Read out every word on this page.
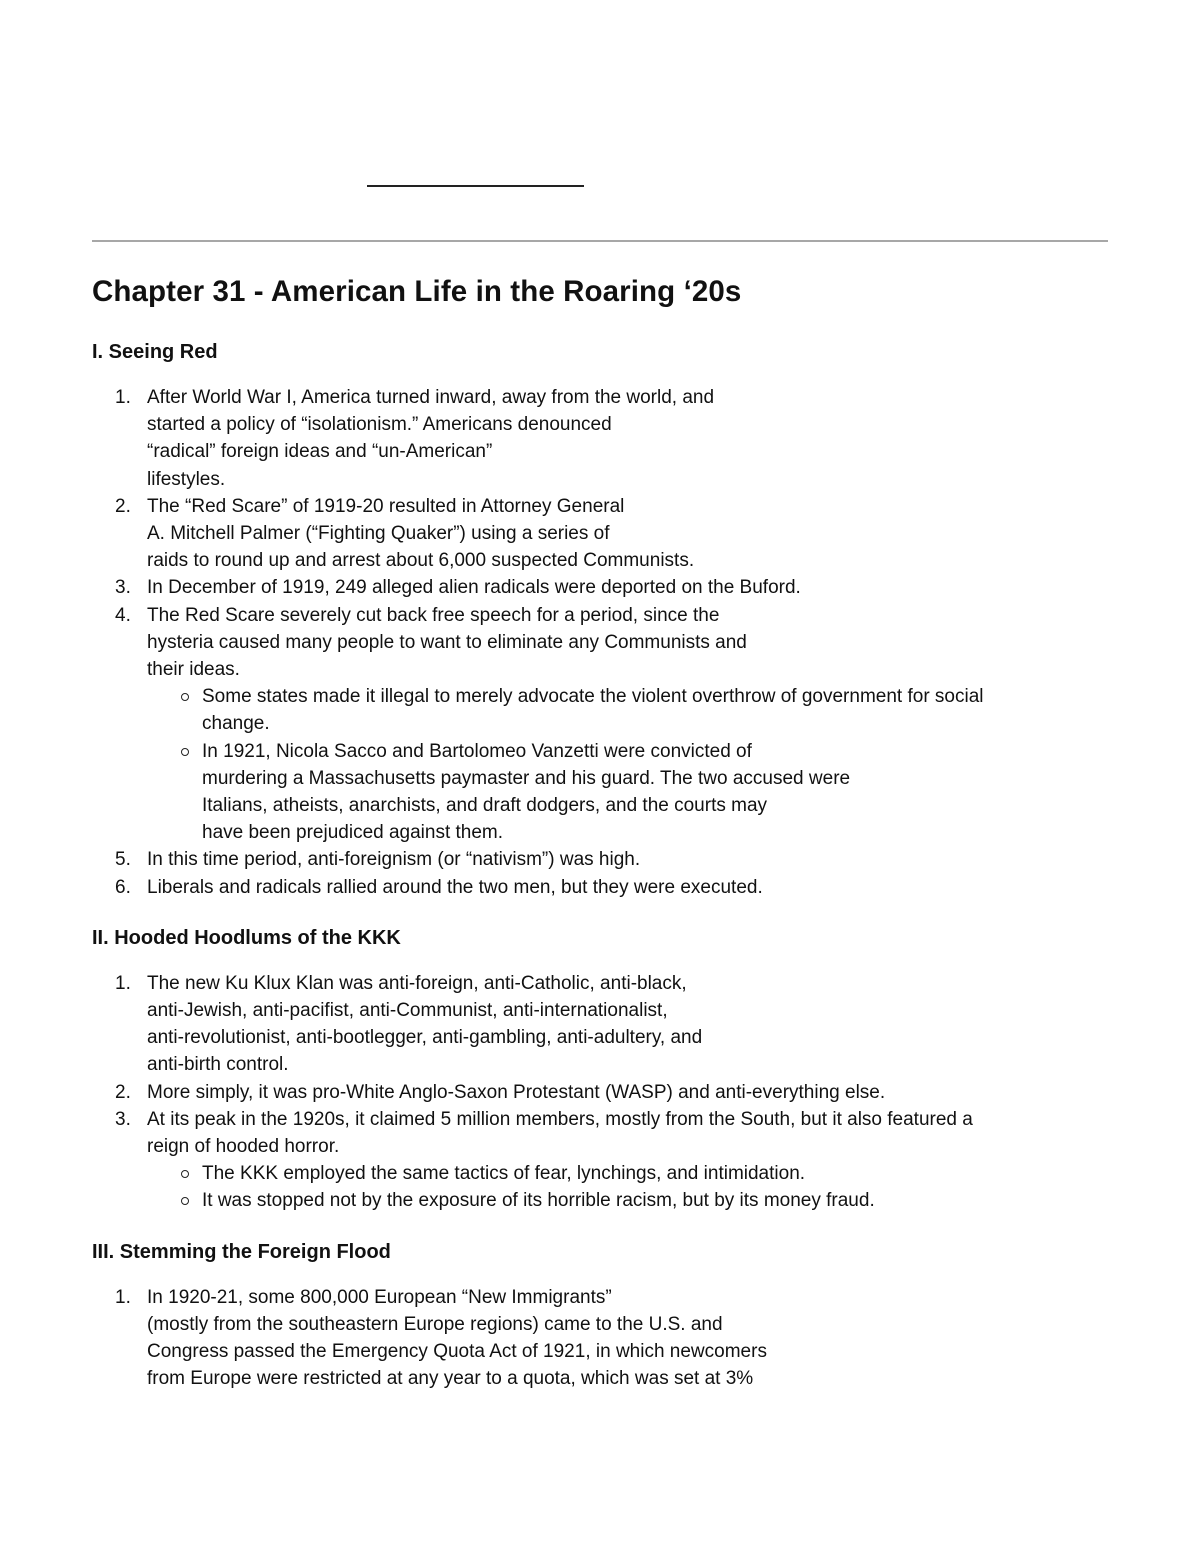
Chapter 31 - American Life in the Roaring ‘20s
I. Seeing Red
1. After World War I, America turned inward, away from the world, and
started a policy of “isolationism.” Americans denounced
“radical” foreign ideas and “un-American”
lifestyles.
2. The “Red Scare” of 1919-20 resulted in Attorney General
A. Mitchell Palmer (“Fighting Quaker”) using a series of
raids to round up and arrest about 6,000 suspected Communists.
3. In December of 1919, 249 alleged alien radicals were deported on the Buford.
4. The Red Scare severely cut back free speech for a period, since the
hysteria caused many people to want to eliminate any Communists and
their ideas.
Some states made it illegal to merely advocate the violent overthrow of government for social
change.
In 1921, Nicola Sacco and Bartolomeo Vanzetti were convicted of
murdering a Massachusetts paymaster and his guard. The two accused were
Italians, atheists, anarchists, and draft dodgers, and the courts may
have been prejudiced against them.
5. In this time period, anti-foreignism (or “nativism”) was high.
6. Liberals and radicals rallied around the two men, but they were executed.
II. Hooded Hoodlums of the KKK
1. The new Ku Klux Klan was anti-foreign, anti-Catholic, anti-black,
anti-Jewish, anti-pacifist, anti-Communist, anti-internationalist,
anti-revolutionist, anti-bootlegger, anti-gambling, anti-adultery, and
anti-birth control.
2. More simply, it was pro-White Anglo-Saxon Protestant (WASP) and anti-everything else.
3. At its peak in the 1920s, it claimed 5 million members, mostly from the South, but it also featured a
reign of hooded horror.
The KKK employed the same tactics of fear, lynchings, and intimidation.
It was stopped not by the exposure of its horrible racism, but by its money fraud.
III. Stemming the Foreign Flood
1. In 1920-21, some 800,000 European “New Immigrants”
(mostly from the southeastern Europe regions) came to the U.S. and
Congress passed the Emergency Quota Act of 1921, in which newcomers
from Europe were restricted at any year to a quota, which was set at 3%
